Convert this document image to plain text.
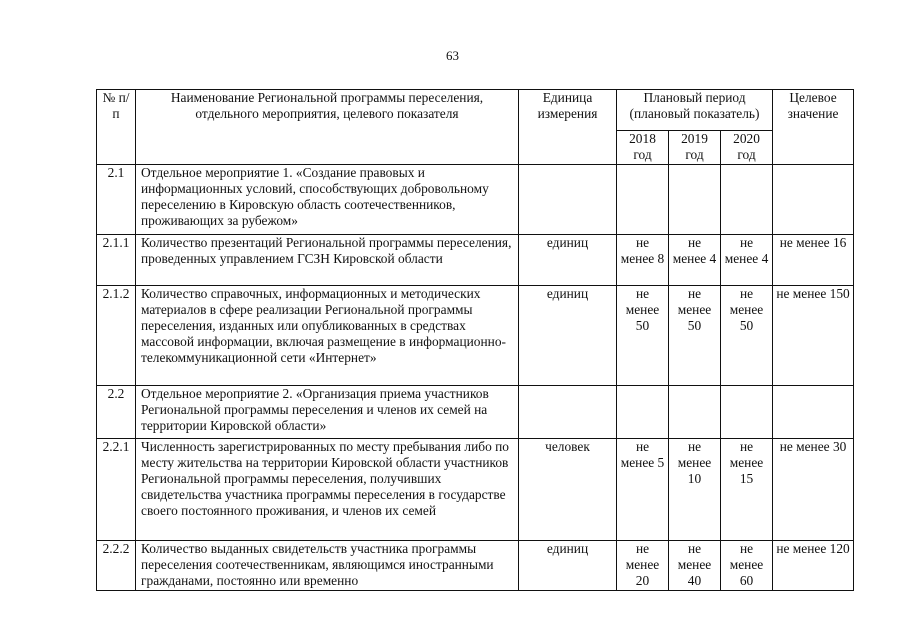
63
№ п/п	Наименование Региональной программы переселения, отдельного мероприятия, целевого показателя	Единица измерения	Плановый период (плановый показатель)			Целевое значение
			2018 год	2019 год	2020 год	
2.1	Отдельное мероприятие 1. «Создание правовых и информационных условий, способствующих добровольному переселению в Кировскую область соотечественников, проживающих за рубежом»					
2.1.1	Количество презентаций Региональной программы переселения, проведенных управлением ГСЗН Кировской области	единиц	не менее 8	не менее 4	не менее 4	не менее 16
2.1.2	Количество справочных, информационных и методических материалов в сфере реализации Региональной программы переселения, изданных или опубликованных в средствах массовой информации, включая размещение в информационно-телекоммуникационной сети «Интернет»	единиц	не менее 50	не менее 50	не менее 50	не менее 150
2.2	Отдельное мероприятие 2. «Организация приема участников Региональной программы переселения и членов их семей на территории Кировской области»					
2.2.1	Численность зарегистрированных по месту пребывания либо по месту жительства на территории Кировской области участников Региональной программы переселения, получивших свидетельства участника программы переселения в государстве своего постоянного проживания, и членов их семей	человек	не менее 5	не менее 10	не менее 15	не менее 30
2.2.2	Количество выданных свидетельств участника программы переселения соотечественникам, являющимся иностранными гражданами, постоянно или временно	единиц	не менее 20	не менее 40	не менее 60	не менее 120
